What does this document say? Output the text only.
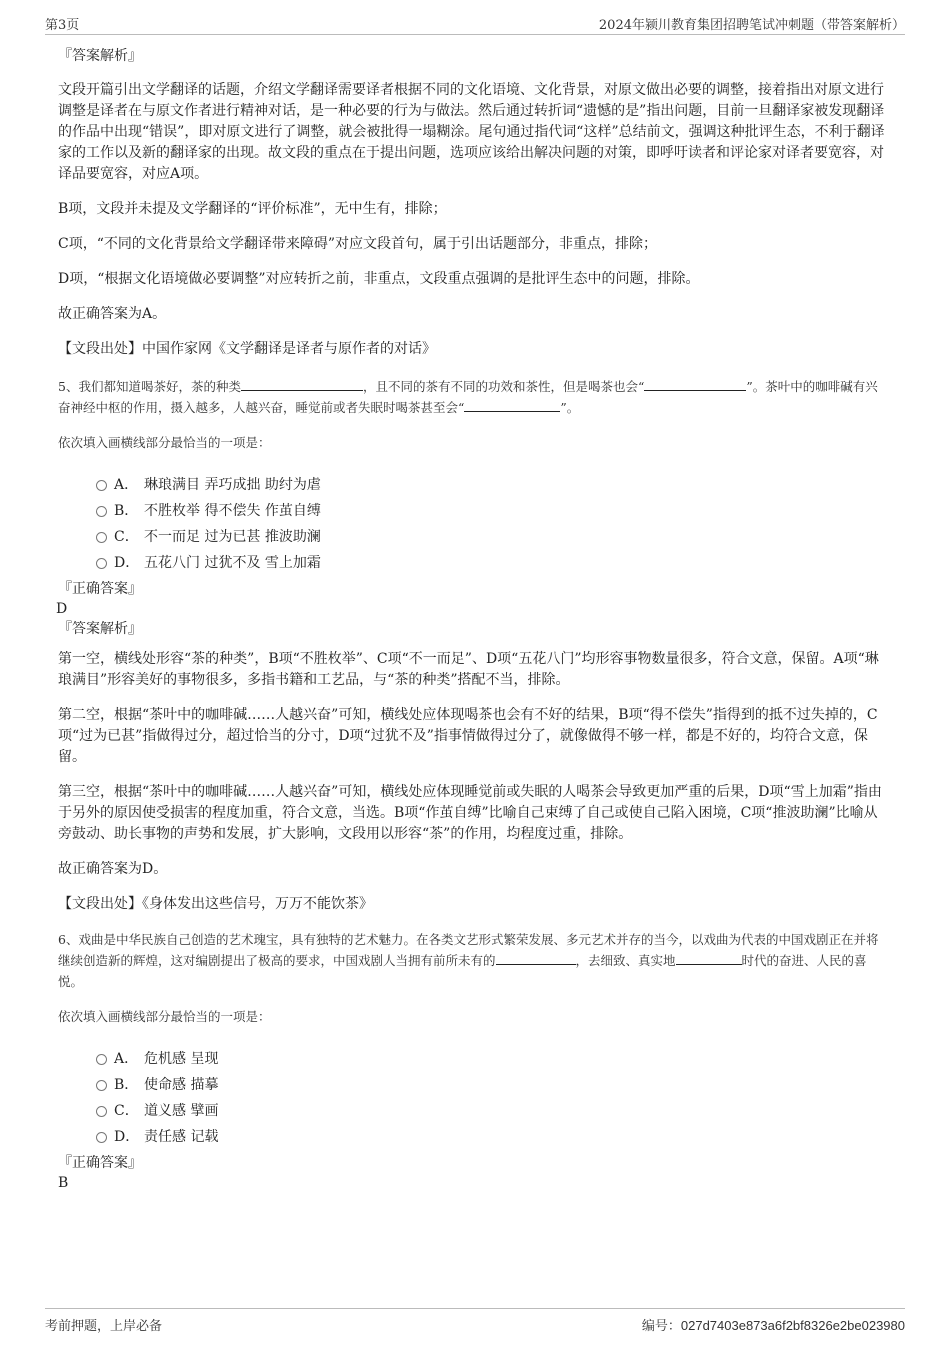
第3页	2024年颍川教育集团招聘笔试冲刺题（带答案解析）
『答案解析』
文段开篇引出文学翻译的话题，介绍文学翻译需要译者根据不同的文化语境、文化背景，对原文做出必要的调整，接着指出对原文进行调整是译者在与原文作者进行精神对话，是一种必要的行为与做法。然后通过转折词“遗憾的是”指出问题，目前一旦翻译家被发现翻译的作品中出现“错误”，即对原文进行了调整，就会被批得一塌糊涂。尾句通过指代词“这样”总结前文，强调这种批评生态，不利于翻译家的工作以及新的翻译家的出现。故文段的重点在于提出问题，选项应该给出解决问题的对策，即呼吁读者和评论家对译者要宽容，对译品要宽容，对应A项。
B项，文段并未提及文学翻译的“评价标准”，无中生有，排除；
C项，“不同的文化背景给文学翻译带来障碍”对应文段首句，属于引出话题部分，非重点，排除；
D项，“根据文化语境做必要调整”对应转折之前，非重点，文段重点强调的是批评生态中的问题，排除。
故正确答案为A。
【文段出处】中国作家网《文学翻译是译者与原作者的对话》
5、我们都知道喝茶好，茶的种类	，且不同的茶有不同的功效和茶性，但是喝茶也会“	”。茶叶中的咖啡碱有兴奋神经中枢的作用，摄入越多，人越兴奋，睡觉前或者失眠时喝茶甚至会“	”。
依次填入画横线部分最恰当的一项是：
A． 琳琅满目 弄巧成拙 助纣为虐
B． 不胜枚举 得不偿失 作茧自缚
C． 不一而足 过为已甚 推波助澜
D． 五花八门 过犹不及 雪上加霜
『正确答案』
D
『答案解析』
第一空，横线处形容“茶的种类”，B项“不胜枚举”、C项“不一而足”、D项“五花八门”均形容事物数量很多，符合文意，保留。A项“琳琅满目”形容美好的事物很多，多指书籍和工艺品，与“茶的种类”搭配不当，排除。
第二空，根据“茶叶中的咖啡碱……人越兴奋”可知，横线处应体现喝茶也会有不好的结果，B项“得不偿失”指得到的抵不过失掉的，C项“过为已甚”指做得过分，超过恰当的分寸，D项“过犹不及”指事情做得过分了，就像做得不够一样，都是不好的，均符合文意，保留。
第三空，根据“茶叶中的咖啡碱……人越兴奋”可知，横线处应体现睡觉前或失眠的人喝茶会导致更加严重的后果，D项“雪上加霜”指由于另外的原因使受损害的程度加重，符合文意，当选。B项“作茧自缚”比喻自己束缚了自己或使自己陷入困境，C项“推波助澜”比喻从旁鼓动、助长事物的声势和发展，扩大影响，文段用以形容“茶”的作用，均程度过重，排除。
故正确答案为D。
【文段出处】《身体发出这些信号，万万不能饮茶》
6、戏曲是中华民族自己创造的艺术瑰宝，具有独特的艺术魅力。在各类文艺形式繁荣发展、多元艺术并存的当今，以戏曲为代表的中国戏剧正在并将继续创造新的辉煌，这对编剧提出了极高的要求，中国戏剧人当拥有前所未有的	，去细致、真实地	时代的奋进、人民的喜悦。
依次填入画横线部分最恰当的一项是：
A． 危机感 呈现
B． 使命感 描摹
C． 道义感 擘画
D． 责任感 记载
『正确答案』
B
考前押题，上岸必备	编号：027d7403e873a6f2bf8326e2be023980
